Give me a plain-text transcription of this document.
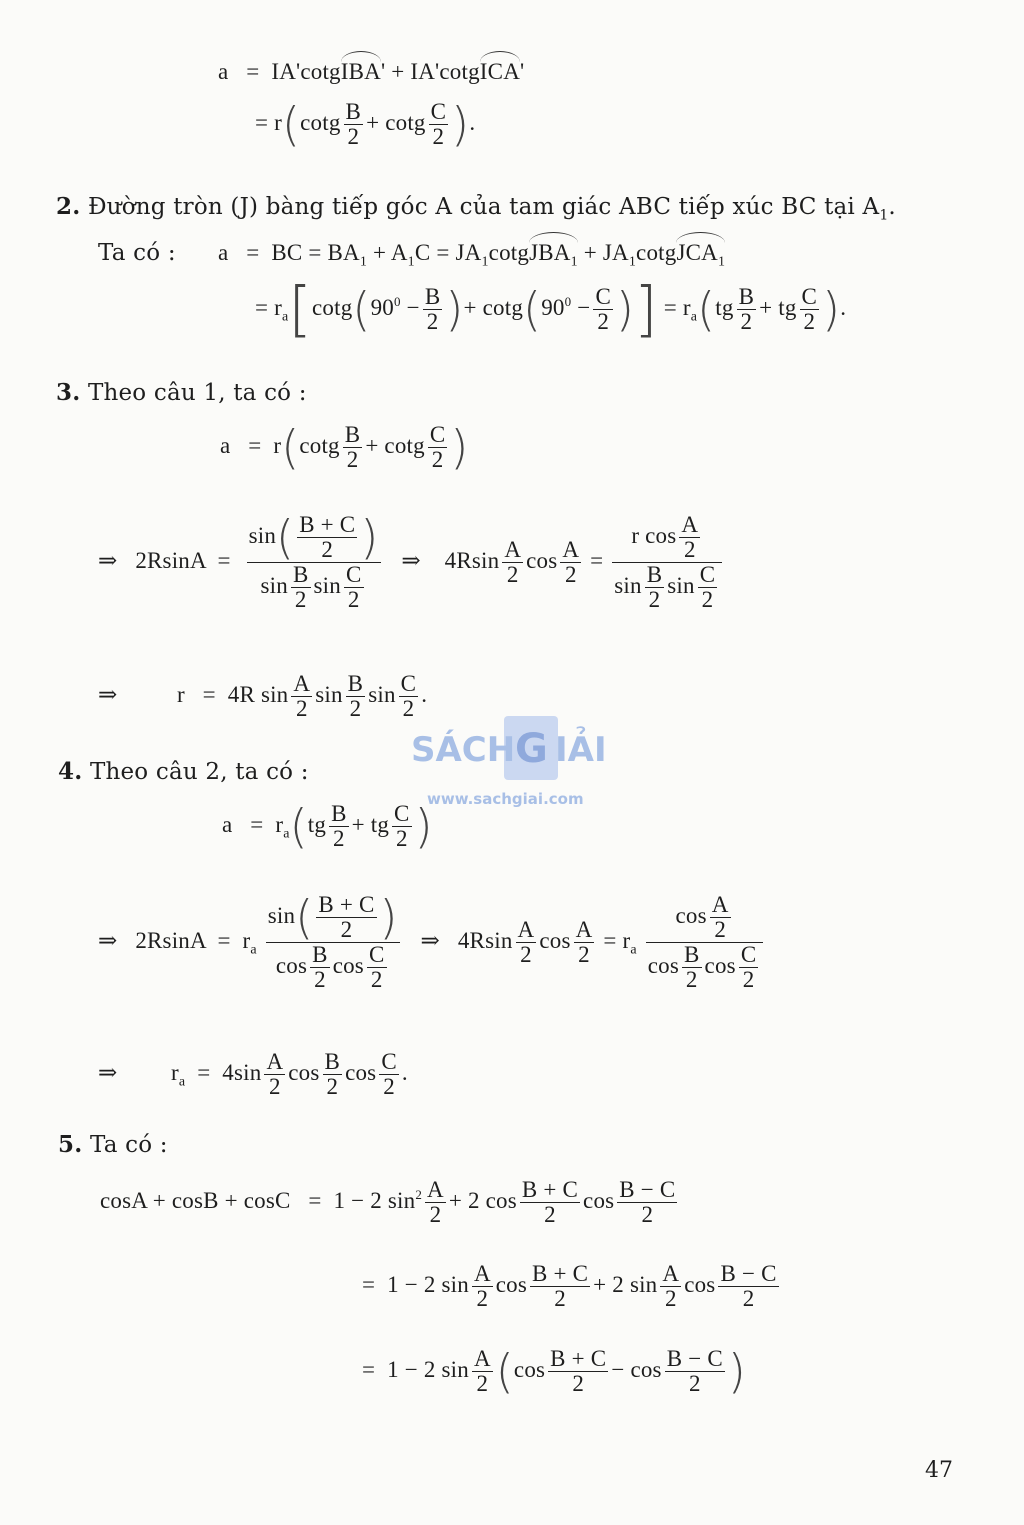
a   =  IA'cotgIBA' + IA'cotgICA'
= $r(\cot g \frac{B}{2} + \cot g \frac{C}{2}$ ).
2. Đường tròn (J) bàng tiếp góc A của tam giác ABC tiếp xúc BC tại $A_1$.
Ta có : a   =  BC = $BA_1 + A_1C$ = $JA_1cotgJBA_1$ + $JA_1cotgJCA_1$
= $r_a[\cot g(90^0 - \frac{B}{2}$ )+ $\cot g(90^0 - \frac{C}{2}$ )] = $r_a(tg \frac{B}{2}$ + tg $\frac{C}{2}$ ).
3. Theo câu 1, ta có :
$a = r(\cot g \frac{B}{2} + \cot g \frac{C}{2}$ )
⇒   $2RsinA = \frac{\sin( \frac{B + C}{2} )}{\sin \frac{B}{2} \sin \frac{C}{2}}$ ⇒    $4Rsin \frac{A}{2}$ $\cos \frac{A}{2} = \frac{r \cos \frac{A}{2}}{\sin \frac{B}{2} \sin \frac{C}{2}}$
⇒          r   =  4R $\sin \frac{A}{2}$ $\sin \frac{B}{2}$ $\sin \frac{C}{2}$ .
SÁCH G IẢI
www.sachgiai.com
4. Theo câu 2, ta có :
$a = r_a(tg \frac{B}{2}$ + tg $\frac{C}{2}$ )
⇒   $2RsinA = r_a \frac{\sin( \frac{B + C}{2} )}{\cos \frac{B}{2} \cos \frac{C}{2}}$ ⇒   $4Rsin \frac{A}{2}$ $\cos \frac{A}{2} = r_a \frac{\cos \frac{A}{2}}{\cos \frac{B}{2} \cos \frac{C}{2}}$
⇒         $r_a = 4\sin \frac{A}{2}$ $\cos \frac{B}{2}$ $\cos \frac{C}{2}$ .
5. Ta có :
cosA + cosB + cosC   =  1 − 2 $\sin^2 \frac{A}{2} + 2$ $\cos \frac{B + C}{2}$ $\cos \frac{B - C}{2}$
=  1 − 2 $\sin \frac{A}{2}$ $\cos \frac{B + C}{2} + 2$ $\sin \frac{A}{2}$ $\cos \frac{B - C}{2}$
=  1 − 2 $\sin \frac{A}{2} (\cos \frac{B + C}{2} - \cos \frac{B - C}{2}$ )
47
